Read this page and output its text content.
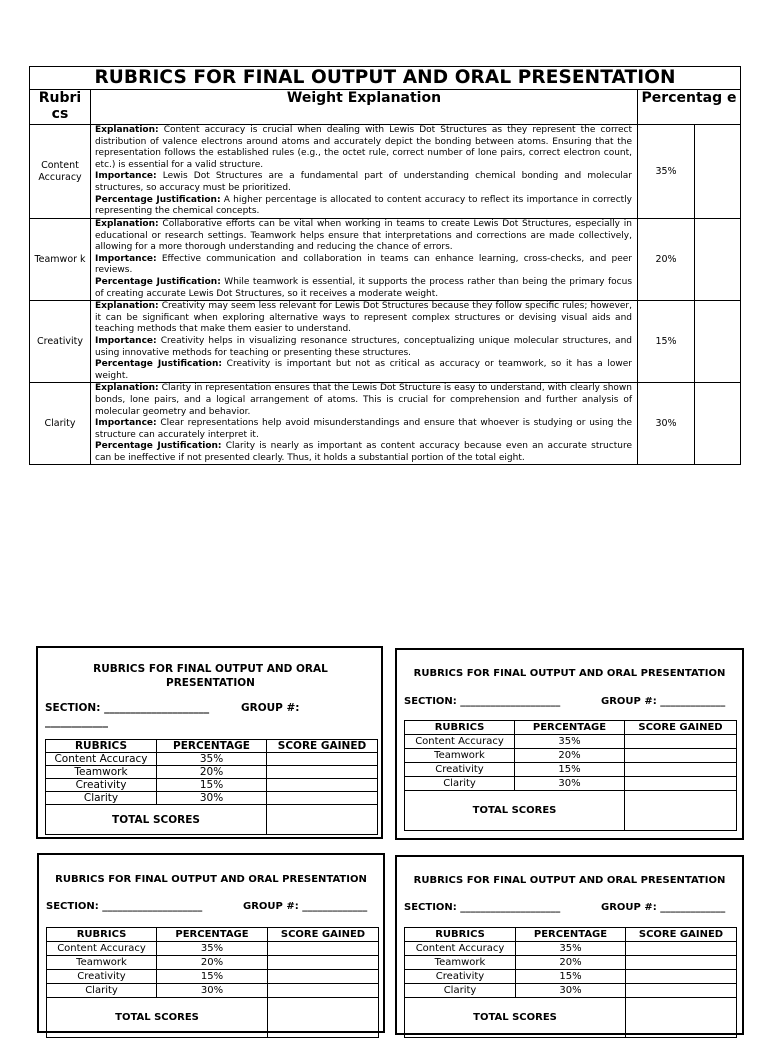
RUBRICS FOR FINAL OUTPUT AND ORAL PRESENTATION			
Rubri cs	Weight Explanation	Percentag e	
Content Accuracy	Explanation: Content accuracy is crucial when dealing with Lewis Dot Structures as they represent the correct distribution of valence electrons around atoms and accurately depict the bonding between atoms. Ensuring that the representation follows the established rules (e.g., the octet rule, correct number of lone pairs, correct electron count, etc.) is essential for a valid structure.
Importance: Lewis Dot Structures are a fundamental part of understanding chemical bonding and molecular structures, so accuracy must be prioritized.
Percentage Justification: A higher percentage is allocated to content accuracy to reflect its importance in correctly representing the chemical concepts.	35%	
Teamwor k	Explanation: Collaborative efforts can be vital when working in teams to create Lewis Dot Structures, especially in educational or research settings. Teamwork helps ensure that interpretations and corrections are made collectively, allowing for a more thorough understanding and reducing the chance of errors.
Importance: Effective communication and collaboration in teams can enhance learning, cross-checks, and peer reviews.
Percentage Justification: While teamwork is essential, it supports the process rather than being the primary focus of creating accurate Lewis Dot Structures, so it receives a moderate weight.	20%	
Creativity	Explanation: Creativity may seem less relevant for Lewis Dot Structures because they follow specific rules; however, it can be significant when exploring alternative ways to represent complex structures or devising visual aids and teaching methods that make them easier to understand.
Importance: Creativity helps in visualizing resonance structures, conceptualizing unique molecular structures, and using innovative methods for teaching or presenting these structures.
Percentage Justification: Creativity is important but not as critical as accuracy or teamwork, so it has a lower weight.	15%	
Clarity	Explanation: Clarity in representation ensures that the Lewis Dot Structure is easy to understand, with clearly shown bonds, lone pairs, and a logical arrangement of atoms. This is crucial for comprehension and further analysis of molecular geometry and behavior.
Importance: Clear representations help avoid misunderstandings and ensure that whoever is studying or using the structure can accurately interpret it.
Percentage Justification: Clarity is nearly as important as content accuracy because even an accurate structure can be ineffective if not presented clearly. Thus, it holds a substantial portion of the total eight.	30%	
RUBRICS FOR FINAL OUTPUT AND ORAL PRESENTATION
SECTION: ____________________	GROUP #:
____________
RUBRICS	PERCENTAGE	SCORE GAINED
Content Accuracy	35%	
Teamwork	20%	
Creativity	15%	
Clarity	30%	
TOTAL SCORES		
RUBRICS FOR FINAL OUTPUT AND ORAL PRESENTATION
SECTION: ____________________	GROUP #: _____________
RUBRICS	PERCENTAGE	SCORE GAINED
Content Accuracy	35%	
Teamwork	20%	
Creativity	15%	
Clarity	30%	
TOTAL SCORES		
RUBRICS FOR FINAL OUTPUT AND ORAL PRESENTATION
SECTION: ____________________	GROUP #: _____________
RUBRICS	PERCENTAGE	SCORE GAINED
Content Accuracy	35%	
Teamwork	20%	
Creativity	15%	
Clarity	30%	
TOTAL SCORES		
RUBRICS FOR FINAL OUTPUT AND ORAL PRESENTATION
SECTION: ____________________	GROUP #: _____________
RUBRICS	PERCENTAGE	SCORE GAINED
Content Accuracy	35%	
Teamwork	20%	
Creativity	15%	
Clarity	30%	
TOTAL SCORES		
